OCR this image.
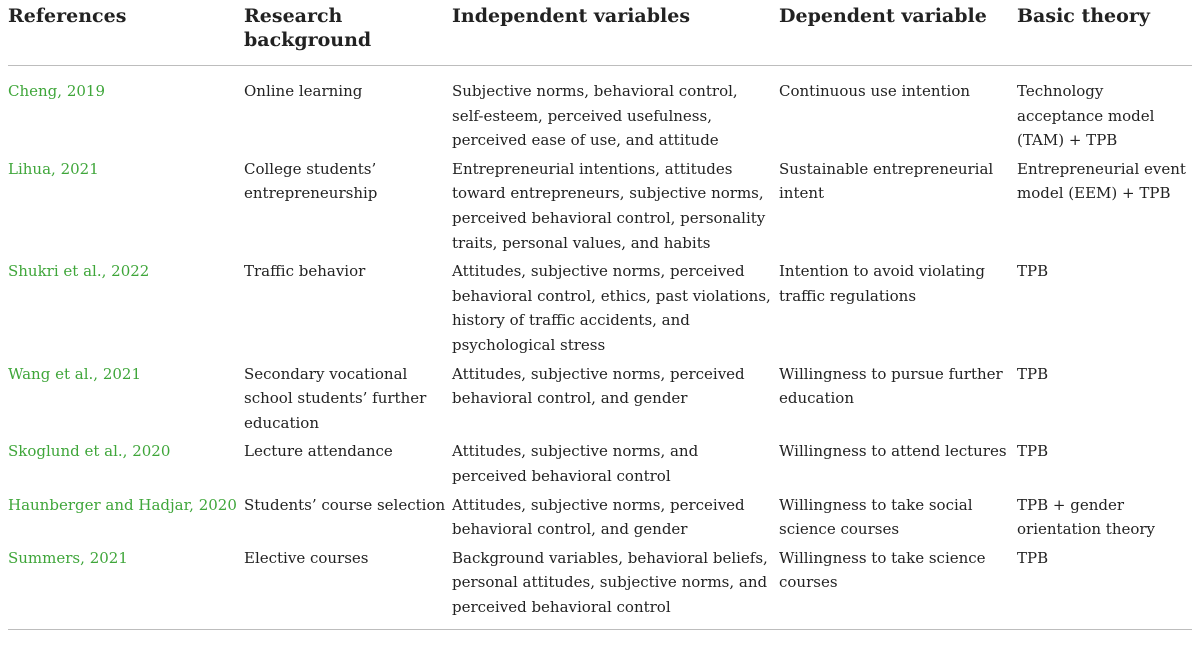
References	Research background	Independent variables	Dependent variable	Basic theory
Cheng, 2019	Online learning	Subjective norms, behavioral control, self-esteem, perceived usefulness, perceived ease of use, and attitude	Continuous use intention	Technology acceptance model (TAM) + TPB
Lihua, 2021	College students’ entrepreneurship	Entrepreneurial intentions, attitudes toward entrepreneurs, subjective norms, perceived behavioral control, personality traits, personal values, and habits	Sustainable entrepreneurial intent	Entrepreneurial event model (EEM) + TPB
Shukri et al., 2022	Traffic behavior	Attitudes, subjective norms, perceived behavioral control, ethics, past violations, history of traffic accidents, and psychological stress	Intention to avoid violating traffic regulations	TPB
Wang et al., 2021	Secondary vocational school students’ further education	Attitudes, subjective norms, perceived behavioral control, and gender	Willingness to pursue further education	TPB
Skoglund et al., 2020	Lecture attendance	Attitudes, subjective norms, and perceived behavioral control	Willingness to attend lectures	TPB
Haunberger and Hadjar, 2020	Students’ course selection	Attitudes, subjective norms, perceived behavioral control, and gender	Willingness to take social science courses	TPB + gender orientation theory
Summers, 2021	Elective courses	Background variables, behavioral beliefs, personal attitudes, subjective norms, and perceived behavioral control	Willingness to take science courses	TPB
